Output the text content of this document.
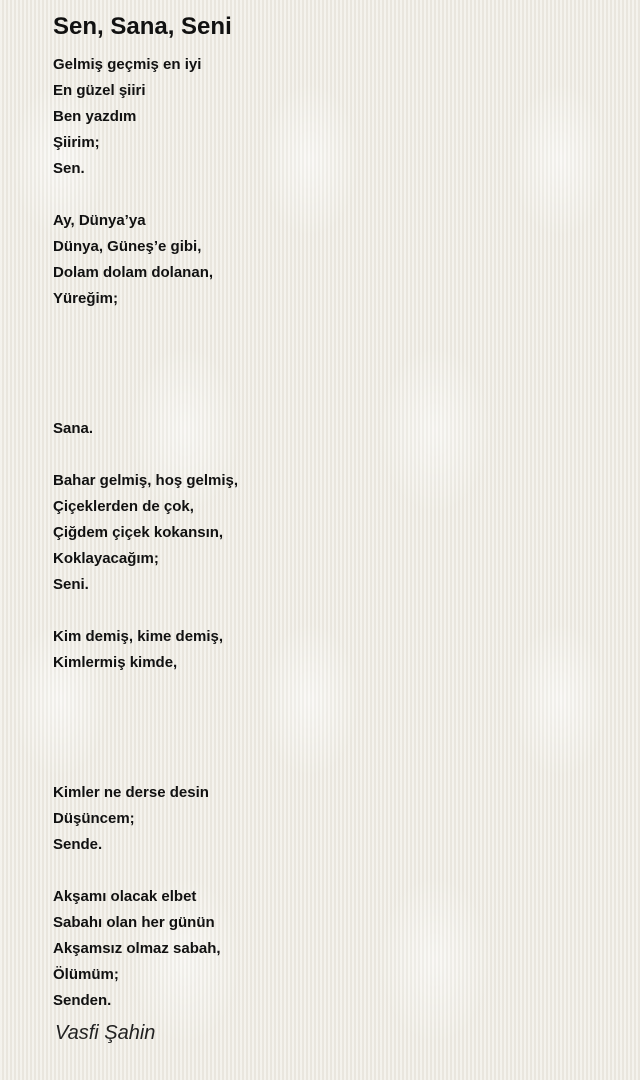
Sen, Sana, Seni
Gelmiş geçmiş en iyi
En güzel şiiri
Ben yazdım
Şiirim;
Sen.
Ay, Dünya’ya
Dünya, Güneş’e gibi,
Dolam dolam dolanan,
Yüreğim;
Sana.
Bahar gelmiş, hoş gelmiş,
Çiçeklerden de çok,
Çiğdem çiçek kokansın,
Koklayacağım;
Seni.
Kim demiş, kime demiş,
Kimlermiş kimde,
Kimler ne derse desin
Düşüncem;
Sende.
Akşamı olacak elbet
Sabahı olan her günün
Akşamsız olmaz sabah,
Ölümüm;
Senden.
Vasfi Şahin
